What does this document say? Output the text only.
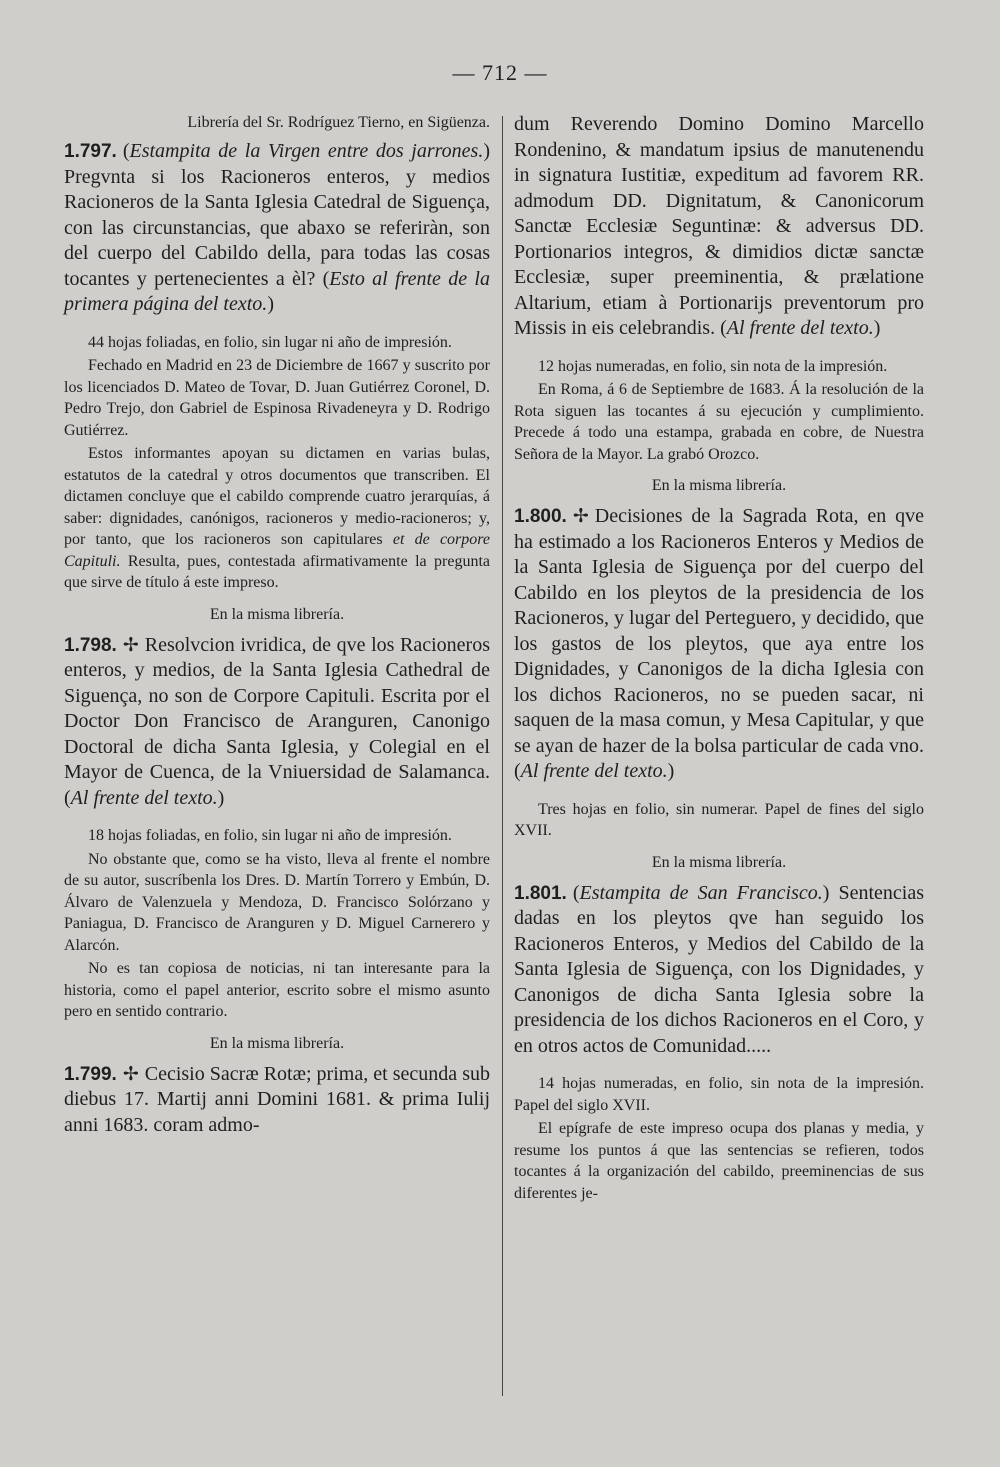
— 712 —

Librería del Sr. Rodríguez Tierno, en Sigüenza.

1.797. (Estampita de la Virgen entre dos jarrones.) Pregvnta si los Racioneros enteros, y medios Racioneros de la Santa Iglesia Catedral de Siguença, con las circunstancias, que abaxo se referiràn, son del cuerpo del Cabildo della, para todas las cosas tocantes y pertenecientes a èl? (Esto al frente de la primera página del texto.)

44 hojas foliadas, en folio, sin lugar ni año de impresión.

Fechado en Madrid en 23 de Diciembre de 1667 y suscrito por los licenciados D. Mateo de Tovar, D. Juan Gutiérrez Coronel, D. Pedro Trejo, don Gabriel de Espinosa Rivadeneyra y D. Rodrigo Gutiérrez.

Estos informantes apoyan su dictamen en varias bulas, estatutos de la catedral y otros documentos que transcriben. El dictamen concluye que el cabildo comprende cuatro jerarquías, á saber: dignidades, canónigos, racioneros y medio-racioneros; y, por tanto, que los racioneros son capitulares et de corpore Capituli. Resulta, pues, contestada afirmativamente la pregunta que sirve de título á este impreso.

En la misma librería.

1.798. ✢ Resolvcion ivridica, de qve los Racioneros enteros, y medios, de la Santa Iglesia Cathedral de Siguença, no son de Corpore Capituli. Escrita por el Doctor Don Francisco de Aranguren, Canonigo Doctoral de dicha Santa Iglesia, y Colegial en el Mayor de Cuenca, de la Vniuersidad de Salamanca. (Al frente del texto.)

18 hojas foliadas, en folio, sin lugar ni año de impresión.

No obstante que, como se ha visto, lleva al frente el nombre de su autor, suscríbenla los Dres. D. Martín Torrero y Embún, D. Álvaro de Valenzuela y Mendoza, D. Francisco Solórzano y Paniagua, D. Francisco de Aranguren y D. Miguel Carnerero y Alarcón.

No es tan copiosa de noticias, ni tan interesante para la historia, como el papel anterior, escrito sobre el mismo asunto pero en sentido contrario.

En la misma librería.

1.799. ✢ Cecisio Sacræ Rotæ; prima, et secunda sub diebus 17. Martij anni Domini 1681. & prima Iulij anni 1683. coram admo-

dum Reverendo Domino Domino Marcello Rondenino, & mandatum ipsius de manutenendu in signatura Iustitiæ, expeditum ad favorem RR. admodum DD. Dignitatum, & Canonicorum Sanctæ Ecclesiæ Seguntinæ: & adversus DD. Portionarios integros, & dimidios dictæ sanctæ Ecclesiæ, super preeminentia, & prælatione Altarium, etiam à Portionarijs preventorum pro Missis in eis celebrandis. (Al frente del texto.)

12 hojas numeradas, en folio, sin nota de la impresión.

En Roma, á 6 de Septiembre de 1683. Á la resolución de la Rota siguen las tocantes á su ejecución y cumplimiento. Precede á todo una estampa, grabada en cobre, de Nuestra Señora de la Mayor. La grabó Orozco.

En la misma librería.

1.800. ✢ Decisiones de la Sagrada Rota, en qve ha estimado a los Racioneros Enteros y Medios de la Santa Iglesia de Siguença por del cuerpo del Cabildo en los pleytos de la presidencia de los Racioneros, y lugar del Perteguero, y decidido, que los gastos de los pleytos, que aya entre los Dignidades, y Canonigos de la dicha Iglesia con los dichos Racioneros, no se pueden sacar, ni saquen de la masa comun, y Mesa Capitular, y que se ayan de hazer de la bolsa particular de cada vno. (Al frente del texto.)

Tres hojas en folio, sin numerar. Papel de fines del siglo XVII.

En la misma librería.

1.801. (Estampita de San Francisco.) Sentencias dadas en los pleytos qve han seguido los Racioneros Enteros, y Medios del Cabildo de la Santa Iglesia de Siguença, con los Dignidades, y Canonigos de dicha Santa Iglesia sobre la presidencia de los dichos Racioneros en el Coro, y en otros actos de Comunidad.....

14 hojas numeradas, en folio, sin nota de la impresión. Papel del siglo XVII.

El epígrafe de este impreso ocupa dos planas y media, y resume los puntos á que las sentencias se refieren, todos tocantes á la organización del cabildo, preeminencias de sus diferentes je-
